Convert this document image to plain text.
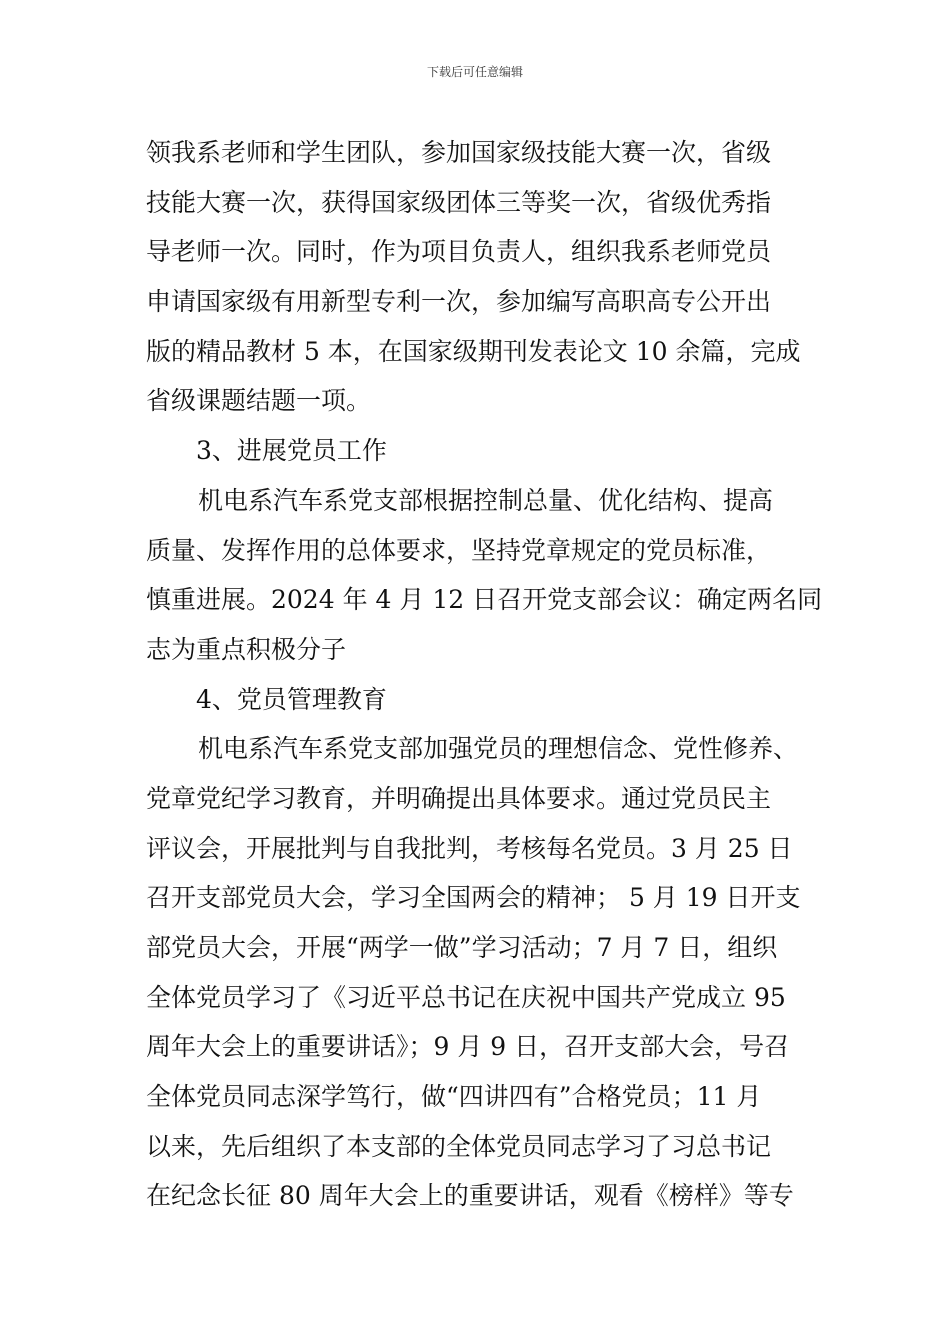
下载后可任意编辑
领我系老师和学生团队，参加国家级技能大赛一次，省级
技能大赛一次，获得国家级团体三等奖一次，省级优秀指
导老师一次。同时，作为项目负责人，组织我系老师党员
申请国家级有用新型专利一次，参加编写高职高专公开出
版的精品教材 5 本，在国家级期刊发表论文 10 余篇，完成
省级课题结题一项。
3、进展党员工作
机电系汽车系党支部根据控制总量、优化结构、提高
质量、发挥作用的总体要求，坚持党章规定的党员标准，
慎重进展。2024 年 4 月 12 日召开党支部会议：确定两名同
志为重点积极分子
4、党员管理教育
机电系汽车系党支部加强党员的理想信念、党性修养、
党章党纪学习教育，并明确提出具体要求。通过党员民主
评议会，开展批判与自我批判，考核每名党员。3 月 25 日
召开支部党员大会，学习全国两会的精神； 5 月 19 日开支
部党员大会，开展“两学一做”学习活动；7 月 7 日，组织
全体党员学习了《习近平总书记在庆祝中国共产党成立 95
周年大会上的重要讲话》；9 月 9 日，召开支部大会，号召
全体党员同志深学笃行，做“四讲四有”合格党员；11 月
以来，先后组织了本支部的全体党员同志学习了习总书记
在纪念长征 80 周年大会上的重要讲话，观看《榜样》等专
